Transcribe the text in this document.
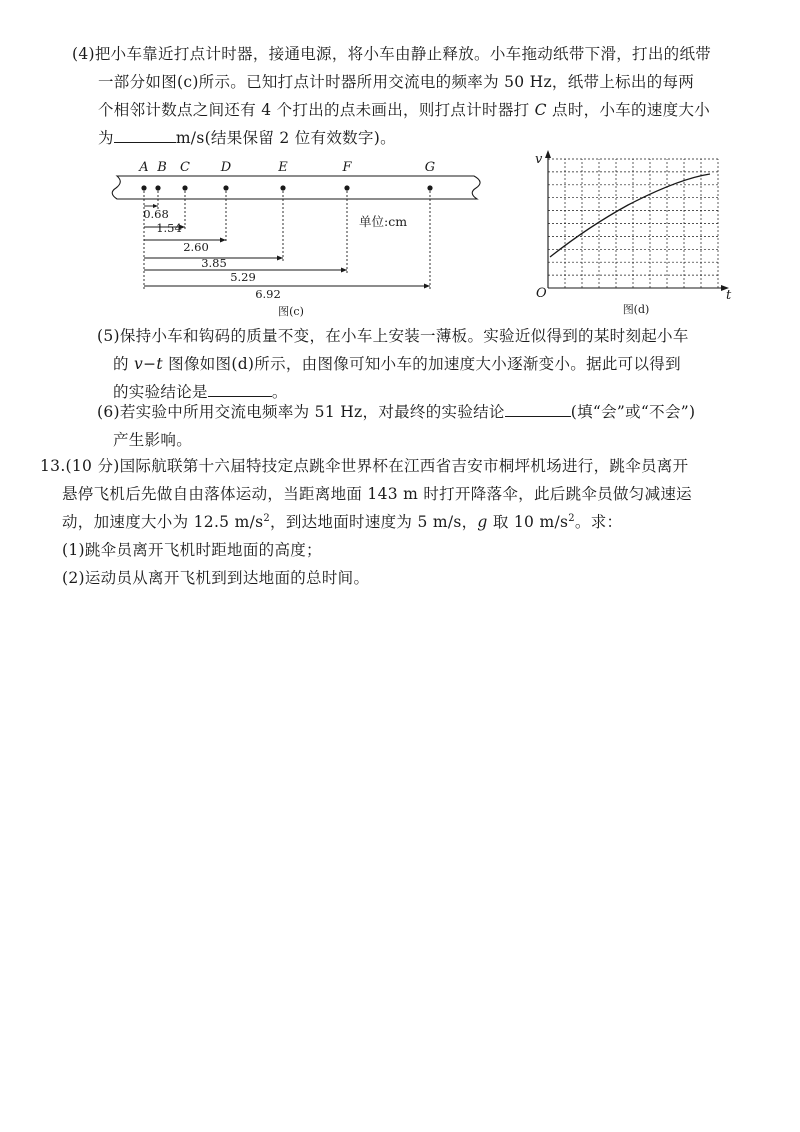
(4)把小车靠近打点计时器，接通电源，将小车由静止释放。小车拖动纸带下滑，打出的纸带

一部分如图(c)所示。已知打点计时器所用交流电的频率为 50 Hz，纸带上标出的每两
个相邻计数点之间还有 4 个打出的点未画出，则打点计时器打 C 点时，小车的速度大小
为	m/s(结果保留 2 位有效数字)。
A B C D	E	F	G
0.68
1.54
2.60
3.85
5.29
6.92
单位:cm
图(c)
v
t
O
图(d)
(5)保持小车和钩码的质量不变，在小车上安装一薄板。实验近似得到的某时刻起小车

的 v−t 图像如图(d)所示，由图像可知小车的加速度大小逐渐变小。据此可以得到
的实验结论是	。
(6)若实验中所用交流电频率为 51 Hz，对最终的实验结论	(填“会”或“不会”)

产生影响。
13.(10 分)国际航联第十六届特技定点跳伞世界杯在江西省吉安市桐坪机场进行，跳伞员离开

悬停飞机后先做自由落体运动，当距离地面 143 m 时打开降落伞，此后跳伞员做匀减速运
动，加速度大小为 12.5 $m/s^2$，到达地面时速度为 5 m/s，g 取 10 $m/s^2$。求：
(1)跳伞员离开飞机时距地面的高度；
(2)运动员从离开飞机到到达地面的总时间。
